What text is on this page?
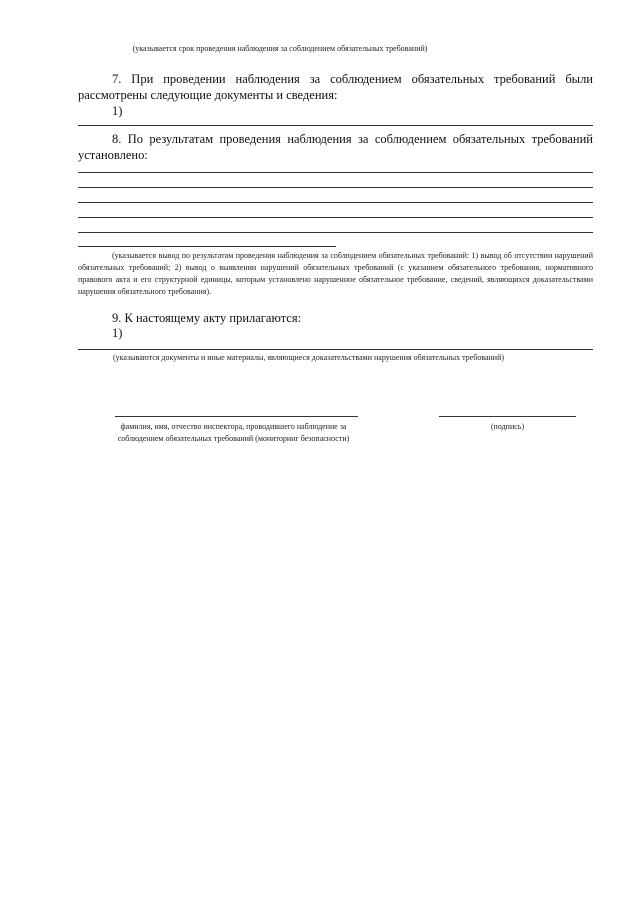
(указывается срок проведения наблюдения за соблюдением обязательных требований)
7. При проведении наблюдения за соблюдением обязательных требований были рассмотрены следующие документы и сведения:
1)
8. По результатам проведения наблюдения за соблюдением обязательных требований установлено:
(указывается вывод по результатам проведения наблюдения за соблюдением обязательных требований: 1) вывод об отсутствии нарушений обязательных требований; 2) вывод о выявлении нарушений обязательных требований (с указанием обязательного требования, нормативного правового акта и его структурной единицы, которым установлено нарушенное обязательное требование, сведений, являющихся доказательствами нарушения обязательного требования).
9. К настоящему акту прилагаются:
1)
(указываются документы и иные материалы, являющиеся доказательствами нарушения обязательных требований)
фамилия, имя, отчество инспектора, проводившего наблюдение за соблюдением обязательных требований (мониторинг безопасности)
(подпись)
